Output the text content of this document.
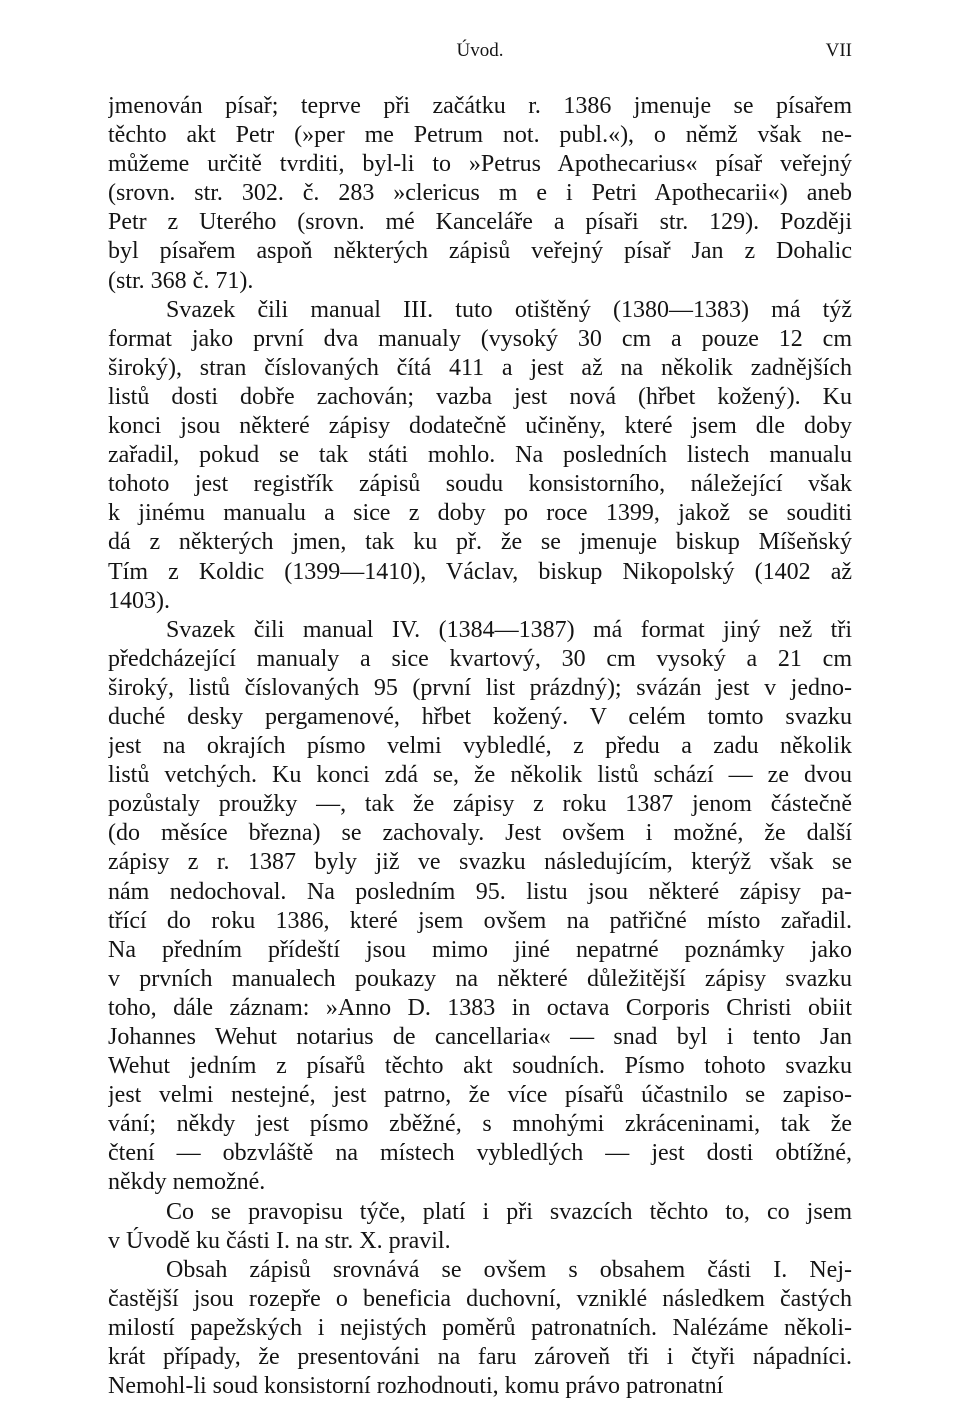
Úvod.	VII
jmenován písař; teprve při začátku r. 1386 jmenuje se písařem
těchto akt Petr (»per me Petrum not. publ.«), o němž však ne-
můžeme určitě tvrditi, byl-li to »Petrus Apothecarius« písař veřejný
(srovn. str. 302. č. 283 »clericus m e i Petri Apothecarii«) aneb
Petr z Uterého (srovn. mé Kanceláře a písaři str. 129). Později
byl písařem aspoň některých zápisů veřejný písař Jan z Dohalic
(str. 368 č. 71).
Svazek čili manual III. tuto otištěný (1380—1383) má týž
format jako první dva manualy (vysoký 30 cm a pouze 12 cm
široký), stran číslovaných čítá 411 a jest až na několik zadnějších
listů dosti dobře zachován; vazba jest nová (hřbet kožený). Ku
konci jsou některé zápisy dodatečně učiněny, které jsem dle doby
zařadil, pokud se tak státi mohlo. Na posledních listech manualu
tohoto jest registřík zápisů soudu konsistorního, náležející však
k jinému manualu a sice z doby po roce 1399, jakož se souditi
dá z některých jmen, tak ku př. že se jmenuje biskup Míšeňský
Tím z Koldic (1399—1410), Václav, biskup Nikopolský (1402 až
1403).
Svazek čili manual IV. (1384—1387) má format jiný než tři
předcházející manualy a sice kvartový, 30 cm vysoký a 21 cm
široký, listů číslovaných 95 (první list prázdný); svázán jest v jedno-
duché desky pergamenové, hřbet kožený. V celém tomto svazku
jest na okrajích písmo velmi vybledlé, z předu a zadu několik
listů vetchých. Ku konci zdá se, že několik listů schází — ze dvou
pozůstaly proužky —, tak že zápisy z roku 1387 jenom částečně
(do měsíce března) se zachovaly. Jest ovšem i možné, že další
zápisy z r. 1387 byly již ve svazku následujícím, kterýž však se
nám nedochoval. Na posledním 95. listu jsou některé zápisy pa-
třící do roku 1386, které jsem ovšem na patřičné místo zařadil.
Na předním přídeští jsou mimo jiné nepatrné poznámky jako
v prvních manualech poukazy na některé důležitější zápisy svazku
toho, dále záznam: »Anno D. 1383 in octava Corporis Christi obiit
Johannes Wehut notarius de cancellaria« — snad byl i tento Jan
Wehut jedním z písařů těchto akt soudních. Písmo tohoto svazku
jest velmi nestejné, jest patrno, že více písařů účastnilo se zapiso-
vání; někdy jest písmo zběžné, s mnohými zkráceninami, tak že
čtení — obzvláště na místech vybledlých — jest dosti obtížné,
někdy nemožné.
Co se pravopisu týče, platí i při svazcích těchto to, co jsem
v Úvodě ku části I. na str. X. pravil.
Obsah zápisů srovnává se ovšem s obsahem části I. Nej-
častější jsou rozepře o beneficia duchovní, vzniklé následkem častých
milostí papežských i nejistých poměrů patronatních. Nalézáme několi-
krát případy, že presentováni na faru zároveň tři i čtyři nápadníci.
Nemohl-li soud konsistorní rozhodnouti, komu právo patronatní
